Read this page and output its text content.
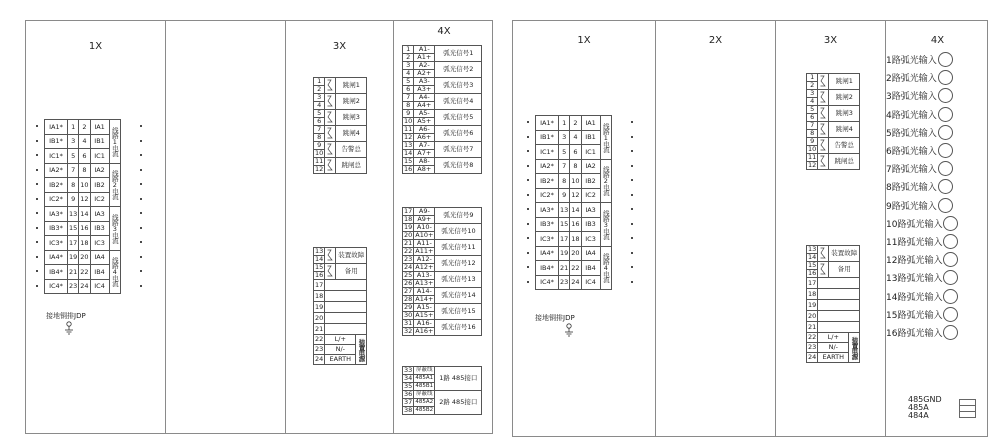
1X
IA1*	1	2	IA1	线路1电流
IB1*	3	4	IB1	
IC1*	5	6	IC1	
IA2*	7	8	IA2	线路2电流
IB2*	8	10	IB2	
IC2*	9	12	IC2	
IA3*	13	14	IA3	线路3电流
IB3*	15	16	IB3	
IC3*	17	18	IC3	
IA4*	19	20	IA4	线路4电流
IB4*	21	22	IB4	
IC4*	23	24	IC4	
接地铜排JDP
3X
1		跳闸1
2		
3		跳闸2
4		
5		跳闸3
6		
7		跳闸4
8		
9		告警总
10		
11		跳闸总
12		
13		装置故障	
14			
15		备用	
16			
17			
18			
19			
20			
21			
22	L/+		装置电源
23	N/-		
24	EARTH		
4X
1	A1-	弧光信号1
2	A1+	
3	A2-	弧光信号2
4	A2+	
5	A3-	弧光信号3
6	A3+	
7	A4-	弧光信号4
8	A4+	
9	A5-	弧光信号5
10	A5+	
11	A6-	弧光信号6
12	A6+	
13	A7-	弧光信号7
14	A7+	
15	A8-	弧光信号8
16	A8+	
17	A9-	弧光信号9
18	A9+	
19	A10-	弧光信号10
20	A10+	
21	A11-	弧光信号11
22	A11+	
23	A12-	弧光信号12
24	A12+	
25	A13-	弧光信号13
26	A13+	
27	A14-	弧光信号14
28	A14+	
29	A15-	弧光信号15
30	A15+	
31	A16-	弧光信号16
32	A16+	
33	屏蔽线	1路 485接口
34	485A1	
35	485B1	
36	屏蔽线	2路 485接口
37	485A2	
38	485B2	
1X
IA1*	1	2	IA1	线路1电流
IB1*	3	4	IB1	
IC1*	5	6	IC1	
IA2*	7	8	IA2	线路2电流
IB2*	8	10	IB2	
IC2*	9	12	IC2	
IA3*	13	14	IA3	线路3电流
IB3*	15	16	IB3	
IC3*	17	18	IC3	
IA4*	19	20	IA4	线路4电流
IB4*	21	22	IB4	
IC4*	23	24	IC4	
接地铜排JDP
2X	3X
1		跳闸1
2		
3		跳闸2
4		
5		跳闸3
6		
7		跳闸4
8		
9		告警总
10		
11		跳闸总
12		
13		装置故障	
14			
15		备用	
16			
17			
18			
19			
20			
21			
22	L/+		装置电源
23	N/-		
24	EARTH		
4X
1路弧光输入
2路弧光输入
3路弧光输入
4路弧光输入
5路弧光输入
6路弧光输入
7路弧光输入
8路弧光输入
9路弧光输入
10路弧光输入
11路弧光输入
12路弧光输入
13路弧光输入
14路弧光输入
15路弧光输入
16路弧光输入
485GND
485A
484A
